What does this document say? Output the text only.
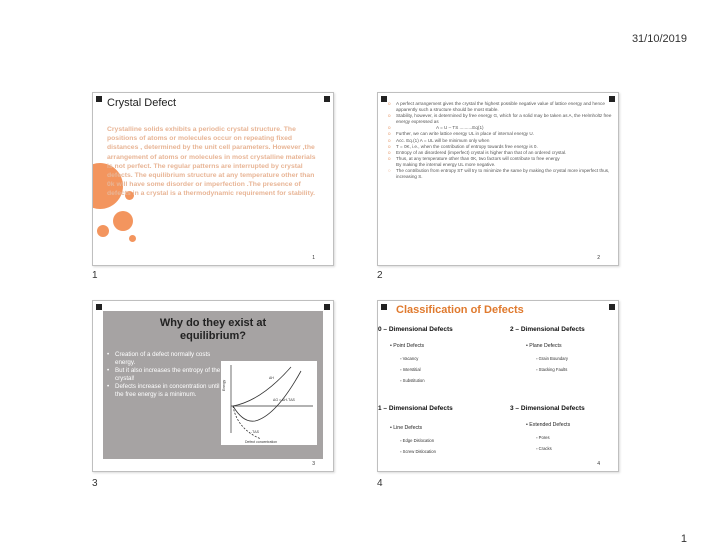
31/10/2019
Crystal Defect
Crystalline solids exhibits a periodic crystal structure. The positions of atoms or molecules occur on repeating fixed distances , determined by the unit cell parameters. However ,the arrangement of atoms or molecules in most crystalline materials is not perfect. The regular patterns are interrupted by crystal defects. The equilibrium structure at any temperature other than 0k will have some disorder or imperfection .The presence of defects in a crystal is a thermodynamic requirement for stability.
1
1
o	A perfect arrangement gives the crystal the highest possible negative value of lattice energy and hence apparently such a structure should be most stable.
o	Stability, however, is determined by free energy G, which for a solid may be taken as A, the Helmholtz free energy expressed as
o	A = U – TS ..........Eq(1)
o	Further, we can write lattice energy UL in place of internal energy U.
o	Acc. Eq.(1) A = UL will be minimum only when
o	T = 0K, i.e., when the contribution of entropy towards free energy is 0.
o	Entropy of an disordered (imperfect) crystal is higher than that of an ordered crystal.
o	Thus, at any temperature other than 0K, two factors will contribute to free energy
By making the internal energy UL more negative.
○	The contribution from entropy ST will try to minimize the same by making the crystal more imperfect thus, increasing S.
2
2
Why do they exist at equilibrium?
• Creation of a defect normally costs energy.
• But it also increases the entropy of the crystal!
• Defects increase in concentration until the free energy is a minimum.
Energy
Defect concentration
ΔH
ΔG = ΔH-TΔS
-TΔS
3
3
Classification of Defects
0 – Dimensional Defects
• Point Defects
▫ Vacancy
▫ Interstitial
▫ Substitution
2 – Dimensional Defects
• Plane Defects
▫ Grain Boundary
▫ Stacking Faults
1 – Dimensional Defects
• Line Defects
▫ Edge Dislocation
▫ Screw Dislocation
3 – Dimensional Defects
• Extended Defects
▫ Pores
▫ Cracks
4
4
1
